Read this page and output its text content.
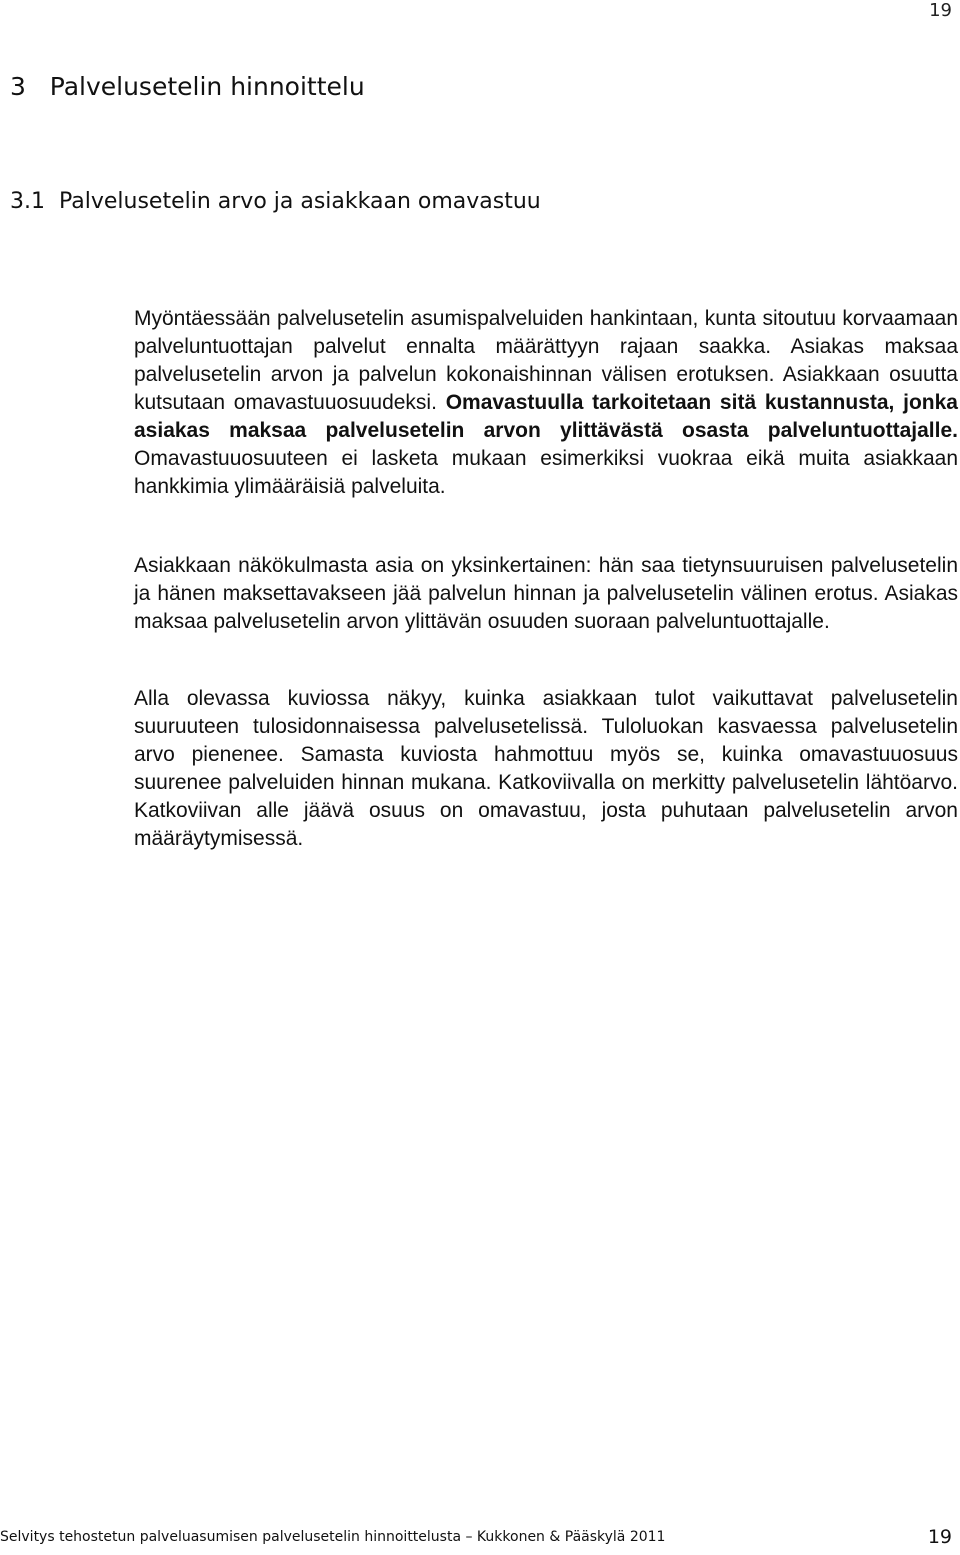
19
3   Palvelusetelin hinnoittelu
3.1  Palvelusetelin arvo ja asiakkaan omavastuu

Myöntäessään palvelusetelin asumispalveluiden hankintaan, kunta sitoutuu korvaamaan palveluntuottajan palvelut ennalta määrättyyn rajaan saakka. Asiakas maksaa palvelusetelin arvon ja palvelun kokonaishinnan välisen erotuksen. Asiakkaan osuutta kutsutaan omavastuuosuudeksi. Omavastuulla tarkoitetaan sitä kustannusta, jonka asiakas maksaa palvelusetelin arvon ylittävästä osasta palveluntuottajalle. Omavastuuosuuteen ei lasketa mukaan esimerkiksi vuokraa eikä muita asiakkaan hankkimia ylimääräisiä palveluita.

Asiakkaan näkökulmasta asia on yksinkertainen: hän saa tietynsuuruisen palvelusetelin ja hänen maksettavakseen jää palvelun hinnan ja palvelusetelin välinen erotus. Asiakas maksaa palvelusetelin arvon ylittävän osuuden suoraan palveluntuottajalle.

Alla olevassa kuviossa näkyy, kuinka asiakkaan tulot vaikuttavat palvelusetelin suuruuteen tulosidonnaisessa palvelusetelissä. Tuloluokan kasvaessa palvelusetelin arvo pienenee. Samasta kuviosta hahmottuu myös se, kuinka omavastuuosuus suurenee palveluiden hinnan mukana. Katkoviivalla on merkitty palvelusetelin lähtöarvo. Katkoviivan alle jäävä osuus on omavastuu, josta puhutaan palvelusetelin arvon määräytymisessä.

Selvitys tehostetun palveluasumisen palvelusetelin hinnoittelusta – Kukkonen & Pääskylä 2011	19
